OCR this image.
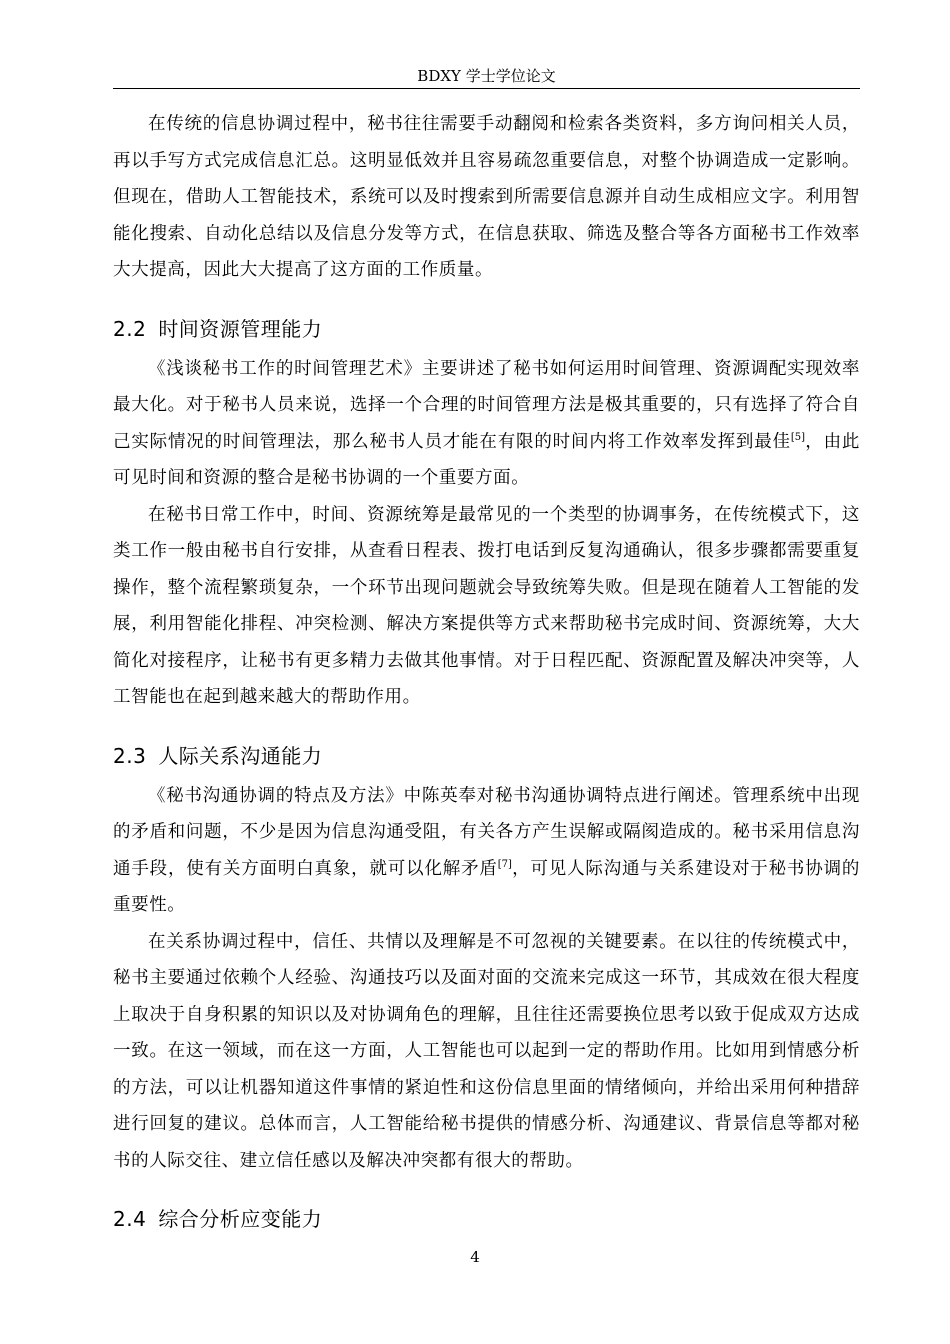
BDXY 学士学位论文

在传统的信息协调过程中，秘书往往需要手动翻阅和检索各类资料，多方询问相关人员，再以手写方式完成信息汇总。这明显低效并且容易疏忽重要信息，对整个协调造成一定影响。但现在，借助人工智能技术，系统可以及时搜索到所需要信息源并自动生成相应文字。利用智能化搜索、自动化总结以及信息分发等方式，在信息获取、筛选及整合等各方面秘书工作效率大大提高，因此大大提高了这方面的工作质量。

2.2 时间资源管理能力

《浅谈秘书工作的时间管理艺术》主要讲述了秘书如何运用时间管理、资源调配实现效率最大化。对于秘书人员来说，选择一个合理的时间管理方法是极其重要的，只有选择了符合自己实际情况的时间管理法，那么秘书人员才能在有限的时间内将工作效率发挥到最佳[5]，由此可见时间和资源的整合是秘书协调的一个重要方面。

在秘书日常工作中，时间、资源统筹是最常见的一个类型的协调事务，在传统模式下，这类工作一般由秘书自行安排，从查看日程表、拨打电话到反复沟通确认，很多步骤都需要重复操作，整个流程繁琐复杂，一个环节出现问题就会导致统筹失败。但是现在随着人工智能的发展，利用智能化排程、冲突检测、解决方案提供等方式来帮助秘书完成时间、资源统筹，大大简化对接程序，让秘书有更多精力去做其他事情。对于日程匹配、资源配置及解决冲突等，人工智能也在起到越来越大的帮助作用。

2.3 人际关系沟通能力

《秘书沟通协调的特点及方法》中陈英奉对秘书沟通协调特点进行阐述。管理系统中出现的矛盾和问题，不少是因为信息沟通受阻，有关各方产生误解或隔阂造成的。秘书采用信息沟通手段，使有关方面明白真象，就可以化解矛盾[7]，可见人际沟通与关系建设对于秘书协调的重要性。

在关系协调过程中，信任、共情以及理解是不可忽视的关键要素。在以往的传统模式中，秘书主要通过依赖个人经验、沟通技巧以及面对面的交流来完成这一环节，其成效在很大程度上取决于自身积累的知识以及对协调角色的理解，且往往还需要换位思考以致于促成双方达成一致。在这一领域，而在这一方面，人工智能也可以起到一定的帮助作用。比如用到情感分析的方法，可以让机器知道这件事情的紧迫性和这份信息里面的情绪倾向，并给出采用何种措辞进行回复的建议。总体而言，人工智能给秘书提供的情感分析、沟通建议、背景信息等都对秘书的人际交往、建立信任感以及解决冲突都有很大的帮助。

2.4 综合分析应变能力
4
